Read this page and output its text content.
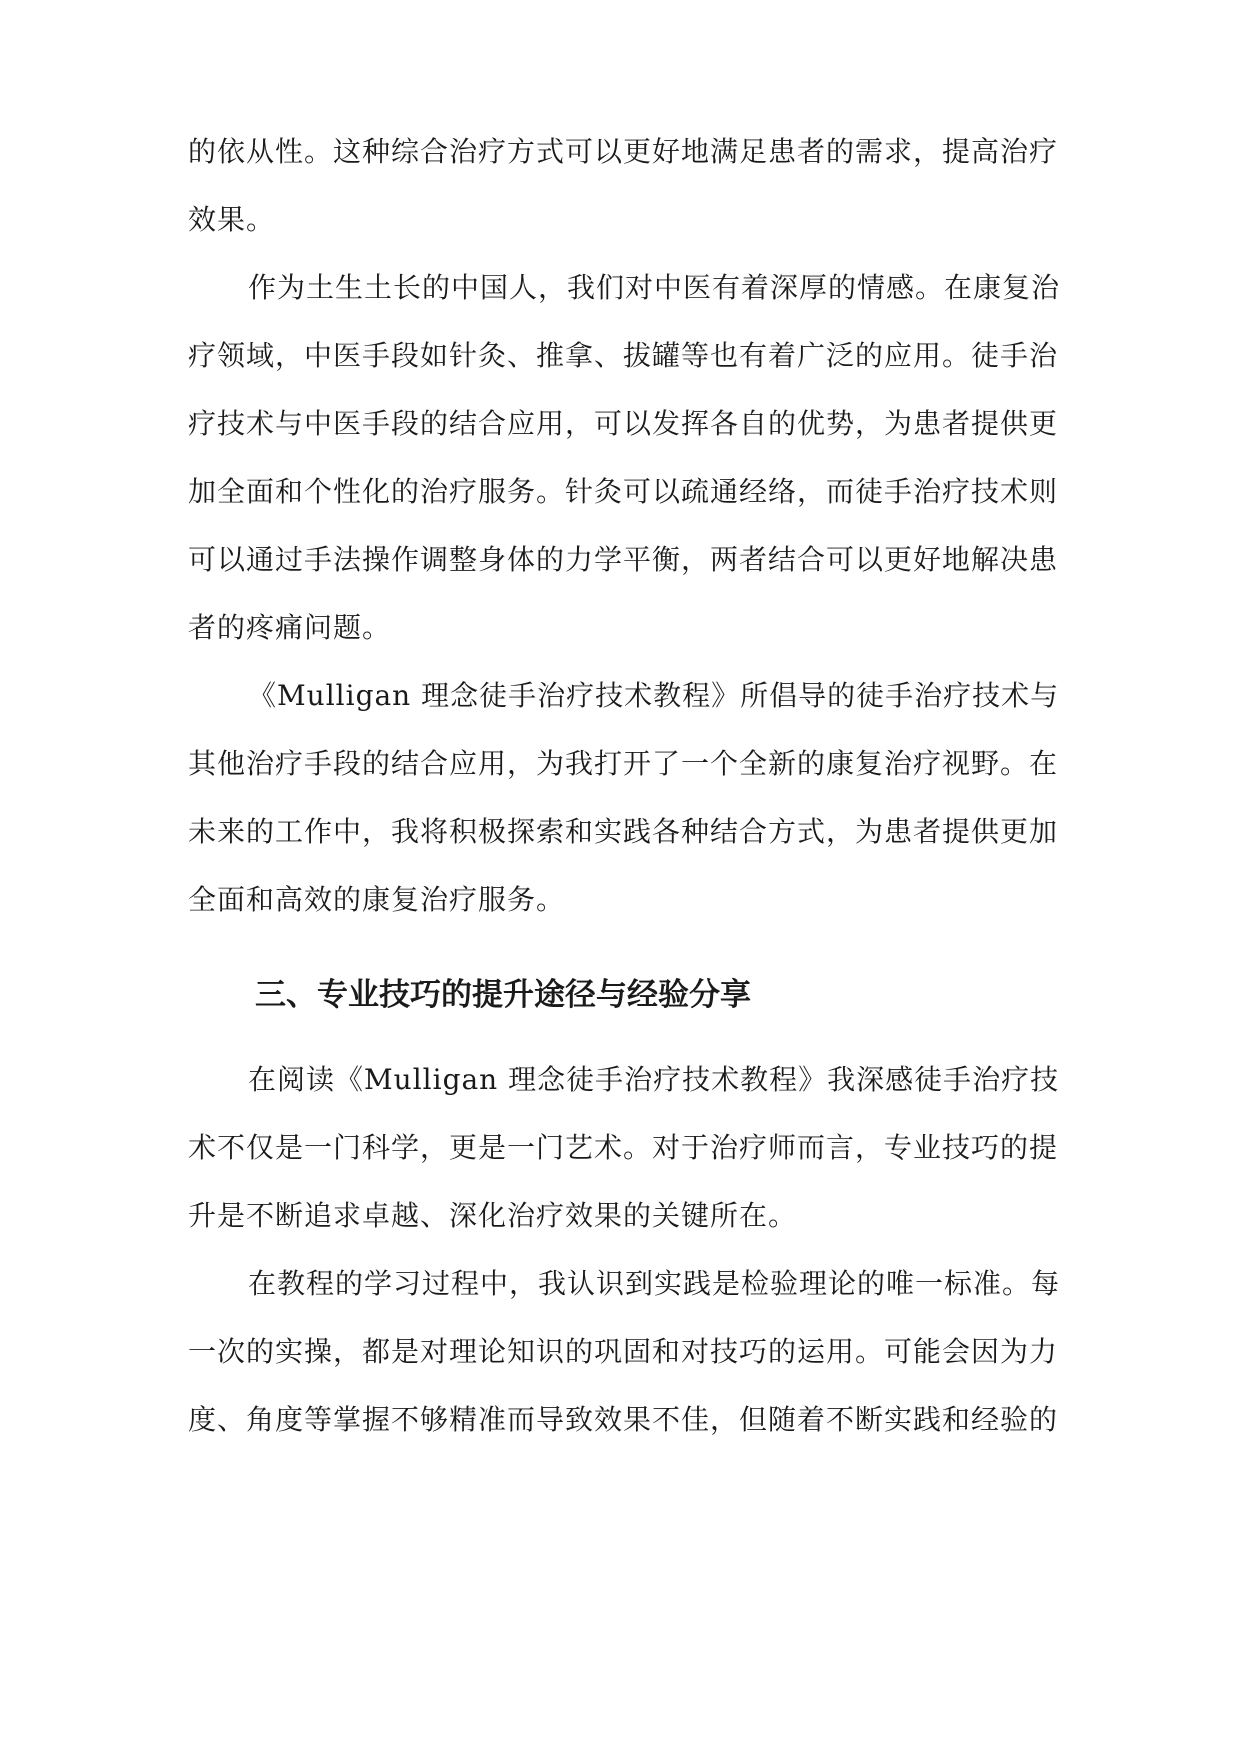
的依从性。这种综合治疗方式可以更好地满足患者的需求，提高治疗
效果。
作为土生土长的中国人，我们对中医有着深厚的情感。在康复治
疗领域，中医手段如针灸、推拿、拔罐等也有着广泛的应用。徒手治
疗技术与中医手段的结合应用，可以发挥各自的优势，为患者提供更
加全面和个性化的治疗服务。针灸可以疏通经络，而徒手治疗技术则
可以通过手法操作调整身体的力学平衡，两者结合可以更好地解决患
者的疼痛问题。
《Mulligan 理念徒手治疗技术教程》所倡导的徒手治疗技术与
其他治疗手段的结合应用，为我打开了一个全新的康复治疗视野。在
未来的工作中，我将积极探索和实践各种结合方式，为患者提供更加
全面和高效的康复治疗服务。
三、专业技巧的提升途径与经验分享
在阅读《Mulligan 理念徒手治疗技术教程》我深感徒手治疗技
术不仅是一门科学，更是一门艺术。对于治疗师而言，专业技巧的提
升是不断追求卓越、深化治疗效果的关键所在。
在教程的学习过程中，我认识到实践是检验理论的唯一标准。每
一次的实操，都是对理论知识的巩固和对技巧的运用。可能会因为力
度、角度等掌握不够精准而导致效果不佳，但随着不断实践和经验的
